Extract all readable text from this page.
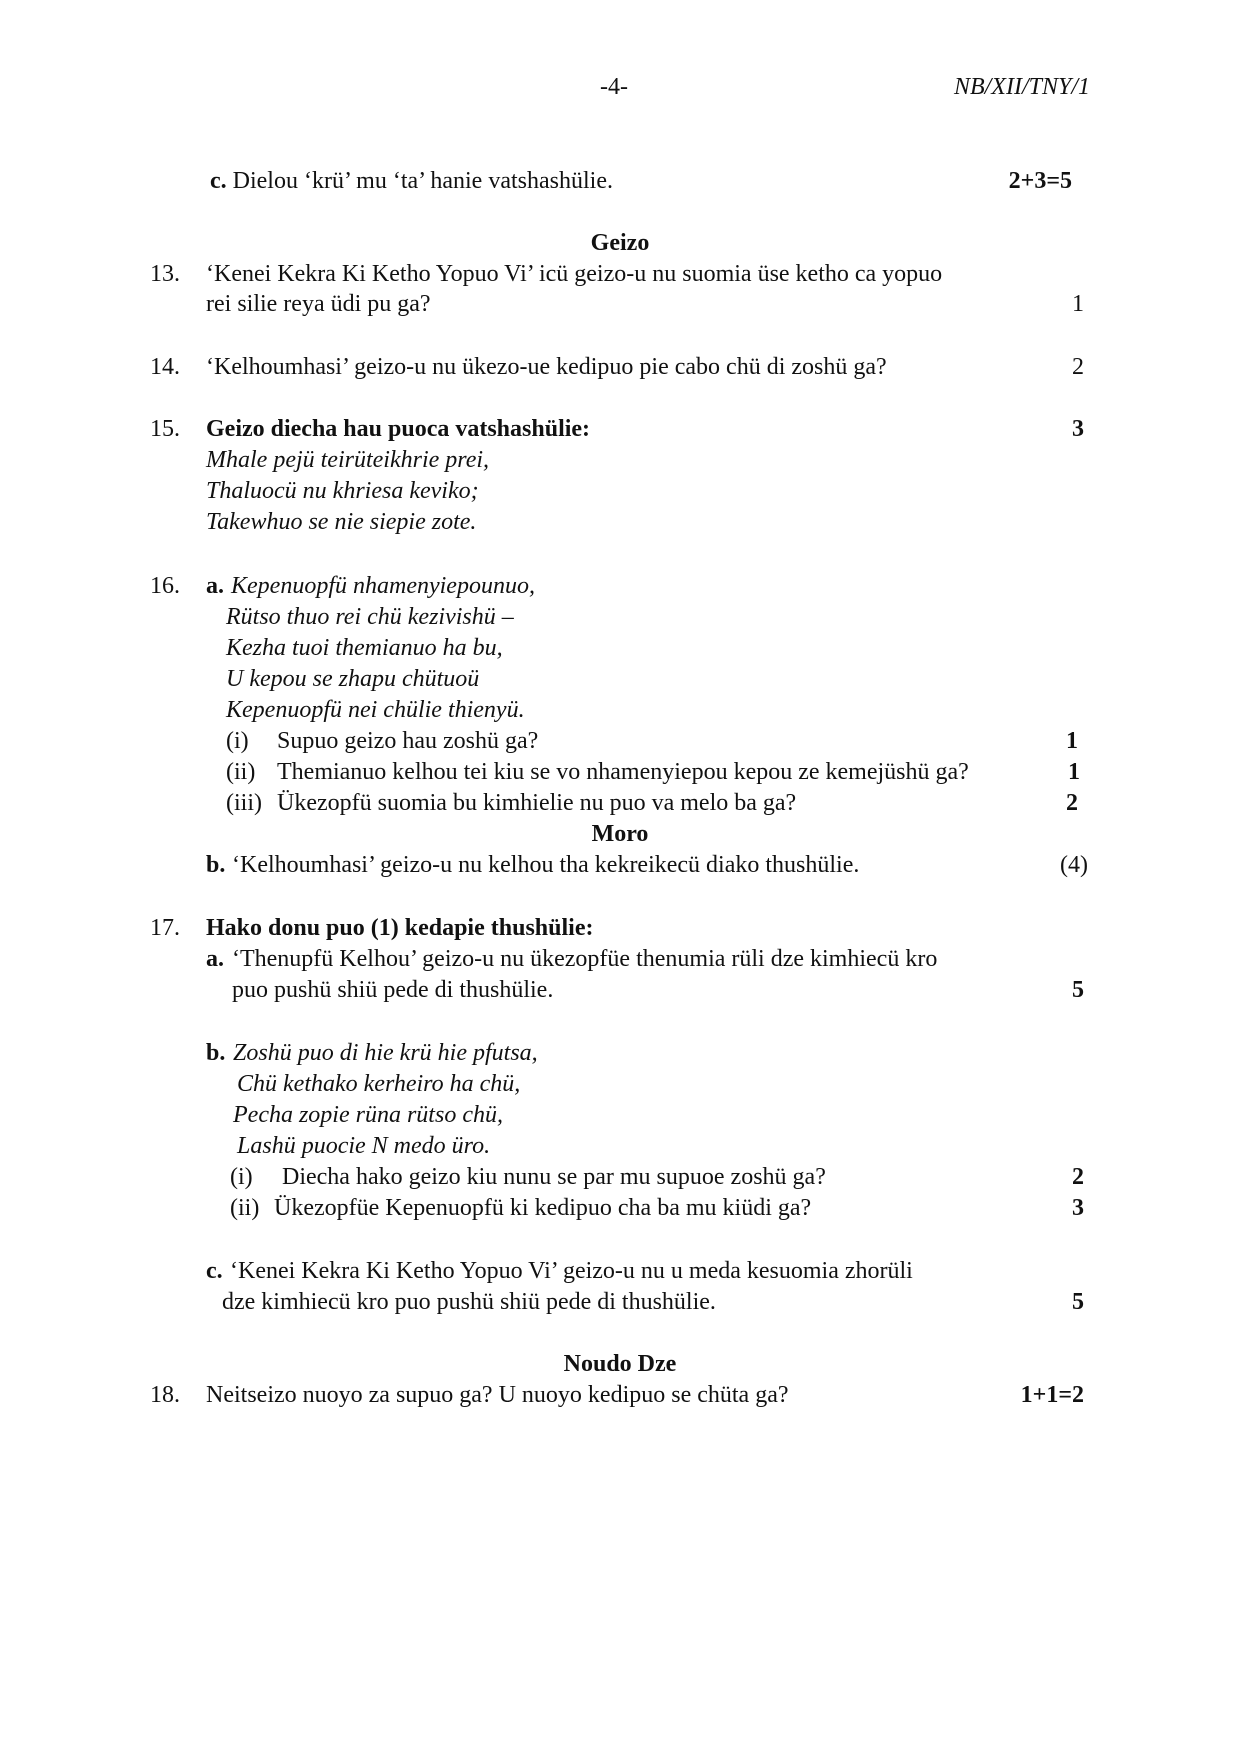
-4-	NB/XII/TNY/1
c. Dielou ‘krü’ mu ‘ta’ hanie vatshashülie.	2+3=5
Geizo
13. ‘Kenei Kekra Ki Ketho Yopuo Vi’ icü geizo-u nu suomia üse ketho ca yopuo
rei silie reya üdi pu ga?	1
14. ‘Kelhoumhasi’ geizo-u nu ükezo-ue kedipuo pie cabo chü di zoshü ga?	2
15. Geizo diecha hau puoca vatshashülie:	3
Mhale pejü teirüteikhrie prei,
Thaluocü nu khriesa keviko;
Takewhuo se nie siepie zote.
16. a. Kepenuopfü nhamenyiepounuo,
Rütso thuo rei chü kezivishü –
Kezha tuoi themianuo ha bu,
U kepou se zhapu chütuoü
Kepenuopfü nei chülie thienyü.
(i) Supuo geizo hau zoshü ga?	1
(ii) Themianuo kelhou tei kiu se vo nhamenyiepou kepou ze kemejüshü ga?	1
(iii) Ükezopfü suomia bu kimhielie nu puo va melo ba ga?	2
Moro
b. ‘Kelhoumhasi’ geizo-u nu kelhou tha kekreikecü diako thushülie.	(4)
17. Hako donu puo (1) kedapie thushülie:
a. ‘Thenupfü Kelhou’ geizo-u nu ükezopfüe thenumia rüli dze kimhiecü kro
puo pushü shiü pede di thushülie.	5
b. Zoshü puo di hie krü hie pfutsa,
Chü kethako kerheiro ha chü,
Pecha zopie rüna rütso chü,
Lashü puocie N medo üro.
(i) Diecha hako geizo kiu nunu se par mu supuoe zoshü ga?	2
(ii) Ükezopfüe Kepenuopfü ki kedipuo cha ba mu kiüdi ga?	3
c. ‘Kenei Kekra Ki Ketho Yopuo Vi’ geizo-u nu u meda kesuomia zhorüli
dze kimhiecü kro puo pushü shiü pede di thushülie.	5
Noudo Dze
18. Neitseizo nuoyo za supuo ga? U nuoyo kedipuo se chüta ga?	1+1=2
